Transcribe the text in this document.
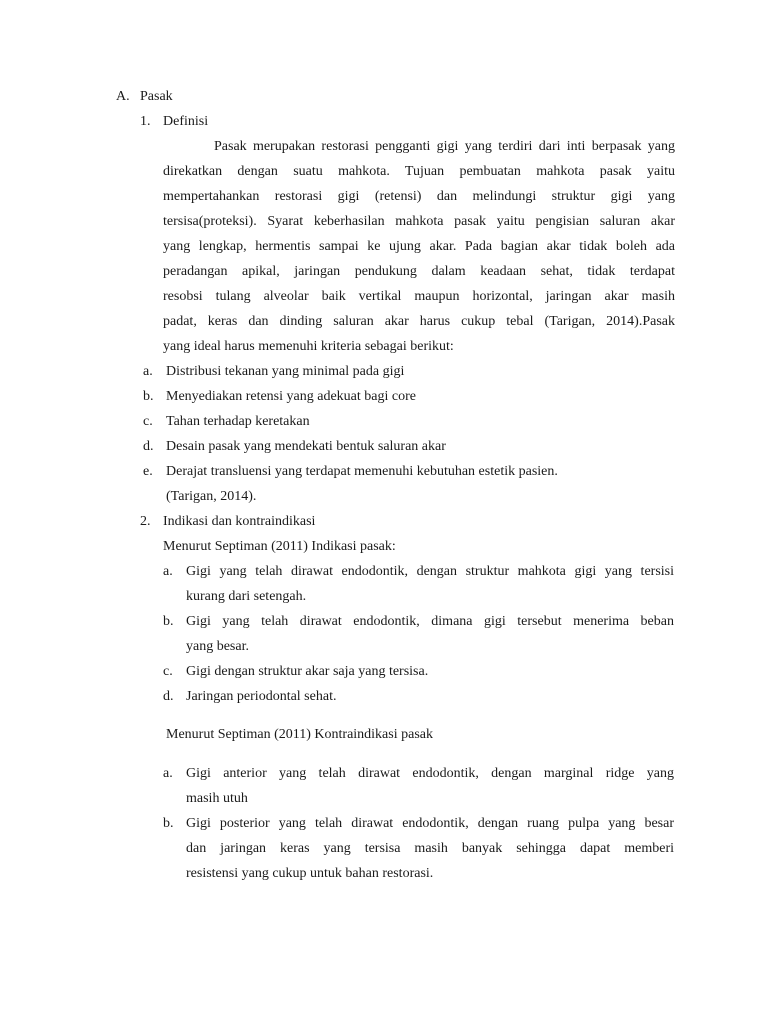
A. Pasak
1. Definisi
Pasak merupakan restorasi pengganti gigi yang terdiri dari inti berpasak yang
direkatkan dengan suatu mahkota. Tujuan pembuatan mahkota pasak yaitu
mempertahankan restorasi gigi (retensi) dan melindungi struktur gigi yang
tersisa(proteksi). Syarat keberhasilan mahkota pasak yaitu pengisian saluran akar
yang lengkap, hermentis sampai ke ujung akar. Pada bagian akar tidak boleh ada
peradangan apikal, jaringan pendukung dalam keadaan sehat, tidak terdapat
resobsi tulang alveolar baik vertikal maupun horizontal, jaringan akar masih
padat, keras dan dinding saluran akar harus cukup tebal (Tarigan, 2014).Pasak
yang ideal harus memenuhi kriteria sebagai berikut:
a. Distribusi tekanan yang minimal pada gigi
b. Menyediakan retensi yang adekuat bagi core
c. Tahan terhadap keretakan
d. Desain pasak yang mendekati bentuk saluran akar
e. Derajat transluensi yang terdapat memenuhi kebutuhan estetik pasien.
(Tarigan, 2014).
2. Indikasi dan kontraindikasi
Menurut Septiman (2011) Indikasi pasak:
a. Gigi yang telah dirawat endodontik, dengan struktur mahkota gigi yang tersisi
kurang dari setengah.
b. Gigi yang telah dirawat endodontik, dimana gigi tersebut menerima beban
yang besar.
c. Gigi dengan struktur akar saja yang tersisa.
d. Jaringan periodontal sehat.
Menurut Septiman (2011) Kontraindikasi pasak
a. Gigi anterior yang telah dirawat endodontik, dengan marginal ridge yang
masih utuh
b. Gigi posterior yang telah dirawat endodontik, dengan ruang pulpa yang besar
dan jaringan keras yang tersisa masih banyak sehingga dapat memberi
resistensi yang cukup untuk bahan restorasi.
